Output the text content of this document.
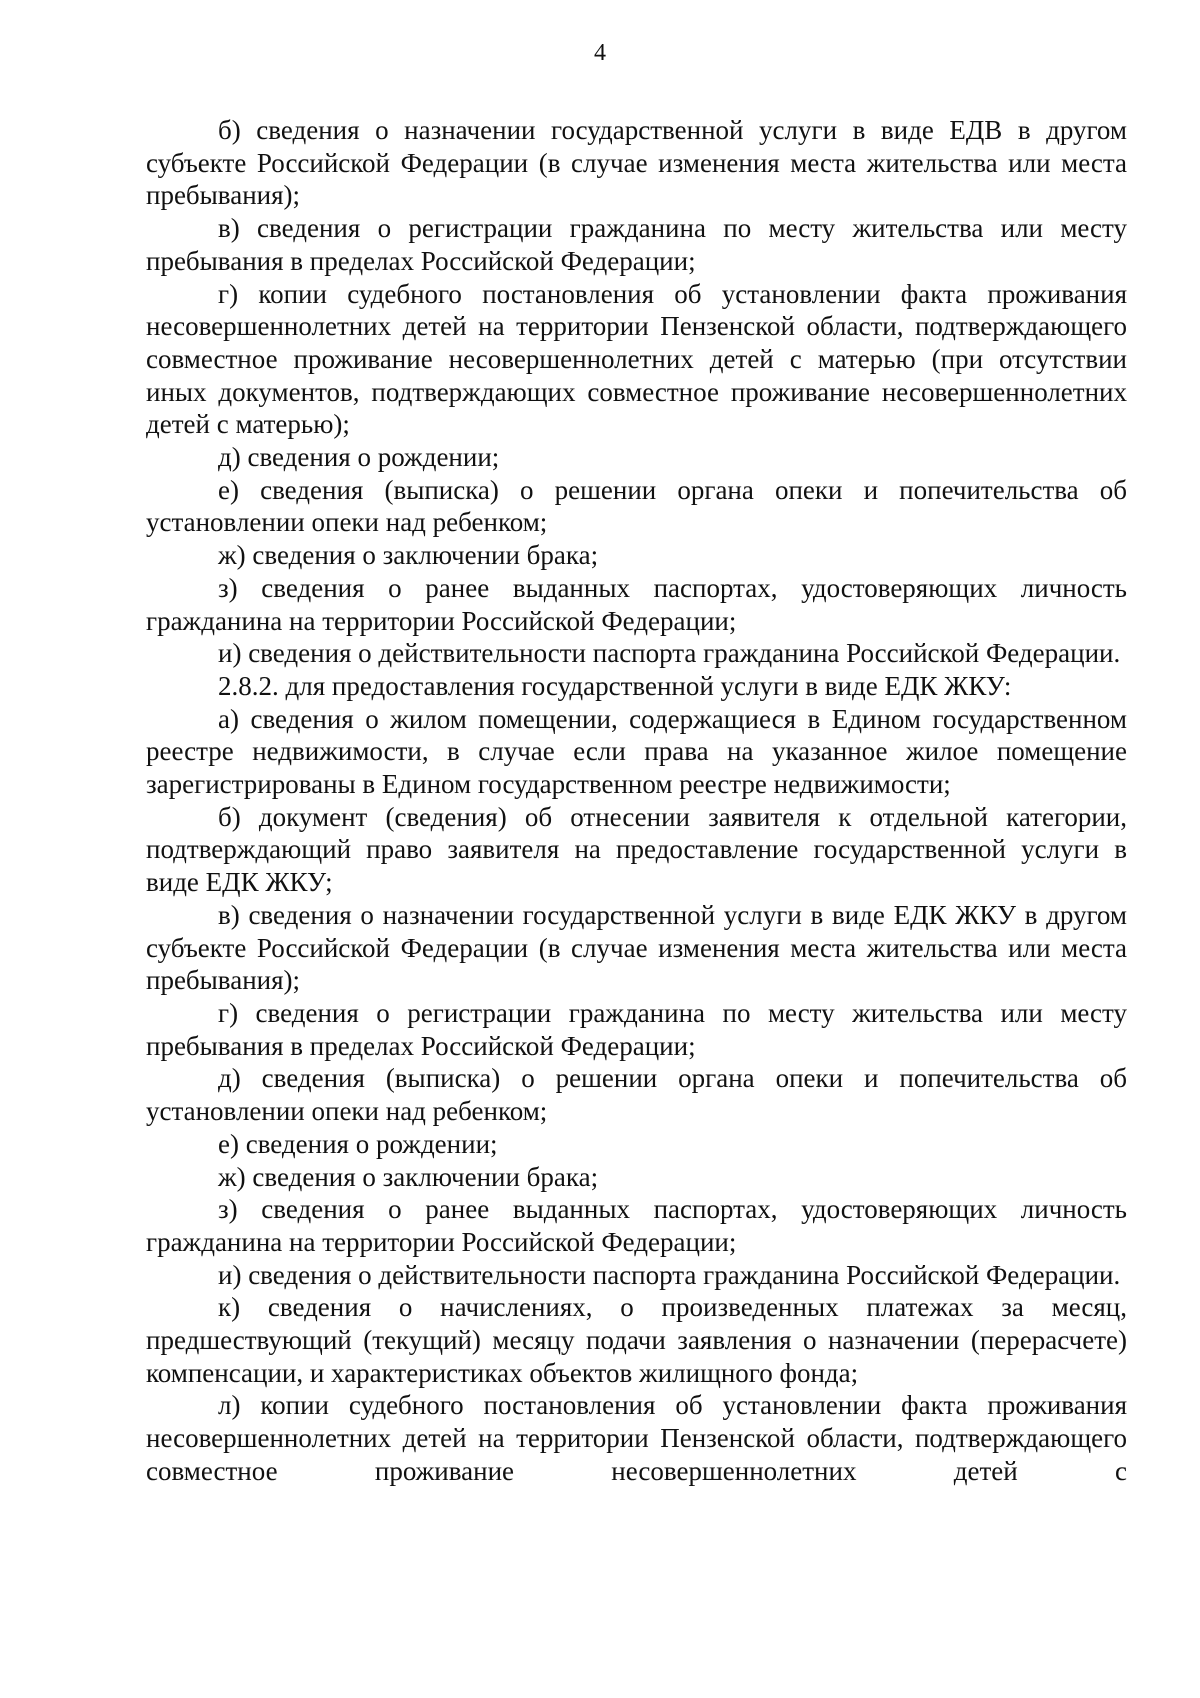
4

б) сведения о назначении государственной услуги в виде ЕДВ в другом субъекте Российской Федерации (в случае изменения места жительства или места пребывания);

в) сведения о регистрации гражданина по месту жительства или месту пребывания в пределах Российской Федерации;

г) копии судебного постановления об установлении факта проживания несовершеннолетних детей на территории Пензенской области, подтверждающего совместное проживание несовершеннолетних детей с матерью (при отсутствии иных документов, подтверждающих совместное проживание несовершеннолетних детей с матерью);

д) сведения о рождении;

е) сведения (выписка) о решении органа опеки и попечительства об установлении опеки над ребенком;

ж) сведения о заключении брака;

з) сведения о ранее выданных паспортах, удостоверяющих личность гражданина на территории Российской Федерации;

и) сведения о действительности паспорта гражданина Российской Федерации.

2.8.2. для предоставления государственной услуги в виде ЕДК ЖКУ:

а) сведения о жилом помещении, содержащиеся в Едином государственном реестре недвижимости, в случае если права на указанное жилое помещение зарегистрированы в Едином государственном реестре недвижимости;

б) документ (сведения) об отнесении заявителя к отдельной категории, подтверждающий право заявителя на предоставление государственной услуги в виде ЕДК ЖКУ;

в) сведения о назначении государственной услуги в виде ЕДК ЖКУ в другом субъекте Российской Федерации (в случае изменения места жительства или места пребывания);

г) сведения о регистрации гражданина по месту жительства или месту пребывания в пределах Российской Федерации;

д) сведения (выписка) о решении органа опеки и попечительства об установлении опеки над ребенком;

е) сведения о рождении;

ж) сведения о заключении брака;

з) сведения о ранее выданных паспортах, удостоверяющих личность гражданина на территории Российской Федерации;

и) сведения о действительности паспорта гражданина Российской Федерации.

к) сведения о начислениях, о произведенных платежах за месяц, предшествующий (текущий) месяцу подачи заявления о назначении (перерасчете) компенсации, и характеристиках объектов жилищного фонда;

л) копии судебного постановления об установлении факта проживания несовершеннолетних детей на территории Пензенской области, подтверждающего совместное проживание несовершеннолетних детей с
